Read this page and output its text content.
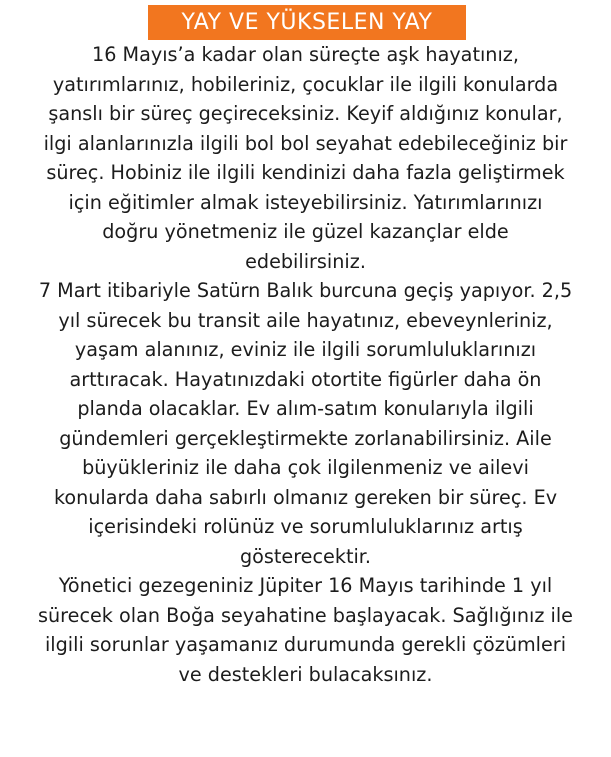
YAY VE YÜKSELEN YAY
16 Mayıs’a kadar olan süreçte aşk hayatınız,
yatırımlarınız, hobileriniz, çocuklar ile ilgili konularda
şanslı bir süreç geçireceksiniz. Keyif aldığınız konular,
ilgi alanlarınızla ilgili bol bol seyahat edebileceğiniz bir
süreç. Hobiniz ile ilgili kendinizi daha fazla geliştirmek
için eğitimler almak isteyebilirsiniz. Yatırımlarınızı
doğru yönetmeniz ile güzel kazançlar elde
edebilirsiniz.
7 Mart itibariyle Satürn Balık burcuna geçiş yapıyor. 2,5
yıl sürecek bu transit aile hayatınız, ebeveynleriniz,
yaşam alanınız, eviniz ile ilgili sorumluluklarınızı
arttıracak. Hayatınızdaki otortite figürler daha ön
planda olacaklar. Ev alım-satım konularıyla ilgili
gündemleri gerçekleştirmekte zorlanabilirsiniz. Aile
büyükleriniz ile daha çok ilgilenmeniz ve ailevi
konularda daha sabırlı olmanız gereken bir süreç. Ev
içerisindeki rolünüz ve sorumluluklarınız artış
gösterecektir.
Yönetici gezegeniniz Jüpiter 16 Mayıs tarihinde 1 yıl
sürecek olan Boğa seyahatine başlayacak. Sağlığınız ile
ilgili sorunlar yaşamanız durumunda gerekli çözümleri
ve destekleri bulacaksınız.
